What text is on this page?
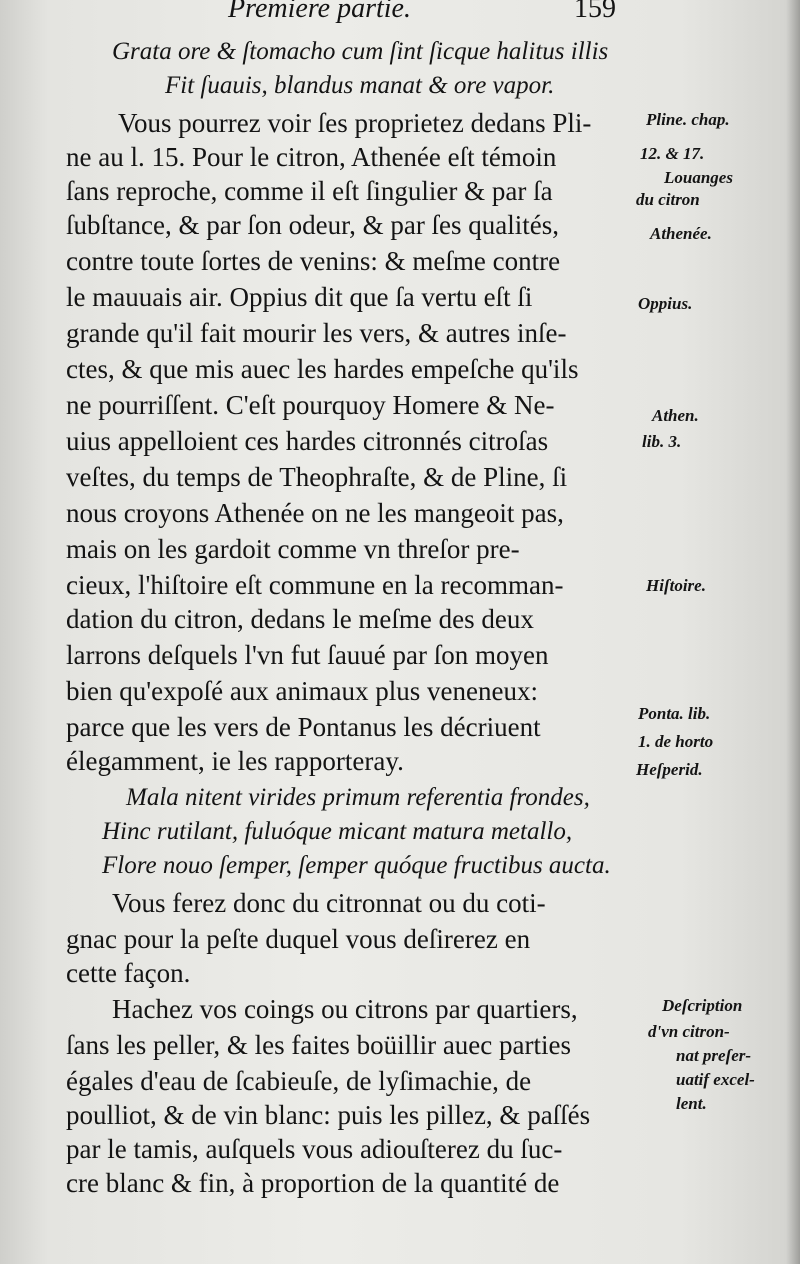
Premiere partie.	159
Grata ore & ſtomacho cum ſint ſicque halitus illis
Fit ſuauis, blandus manat & ore vapor.
Vous pourrez voir ſes proprietez dedans Pli-
ne au l. 15. Pour le citron, Athenée eſt témoin
ſans reproche, comme il eſt ſingulier & par ſa
ſubſtance, & par ſon odeur, & par ſes qualités,
contre toute ſortes de venins: & meſme contre
le mauuais air. Oppius dit que ſa vertu eſt ſi
grande qu'il fait mourir les vers, & autres inſe-
ctes, & que mis auec les hardes empeſche qu'ils
ne pourriſſent. C'eſt pourquoy Homere & Ne-
uius appelloient ces hardes citronnés citroſas
veſtes, du temps de Theophraſte, & de Pline, ſi
nous croyons Athenée on ne les mangeoit pas,
mais on les gardoit comme vn threſor pre-
cieux, l'hiſtoire eſt commune en la recomman-
dation du citron, dedans le meſme des deux
larrons deſquels l'vn fut ſauué par ſon moyen
bien qu'expoſé aux animaux plus veneneux:
parce que les vers de Pontanus les décriuent
élegamment, ie les rapporteray.
Mala nitent virides primum referentia frondes,
Hinc rutilant, fuluóque micant matura metallo,
Flore nouo ſemper, ſemper quóque fructibus aucta.
Vous ferez donc du citronnat ou du coti-
gnac pour la peſte duquel vous deſirerez en
cette façon.
Hachez vos coings ou citrons par quartiers,
ſans les peller, & les faites boüillir auec parties
égales d'eau de ſcabieuſe, de lyſimachie, de
poulliot, & de vin blanc: puis les pillez, & paſſés
par le tamis, auſquels vous adiouſterez du ſuc-
cre blanc & fin, à proportion de la quantité de
Pline. chap.
12. & 17.
Louanges
du citron
Athenée.
Oppius.
Athen.
lib. 3.
Hiſtoire.
Ponta. lib.
1. de horto
Heſperid.
Deſcription
d'vn citron-
nat preſer-
uatif excel-
lent.
